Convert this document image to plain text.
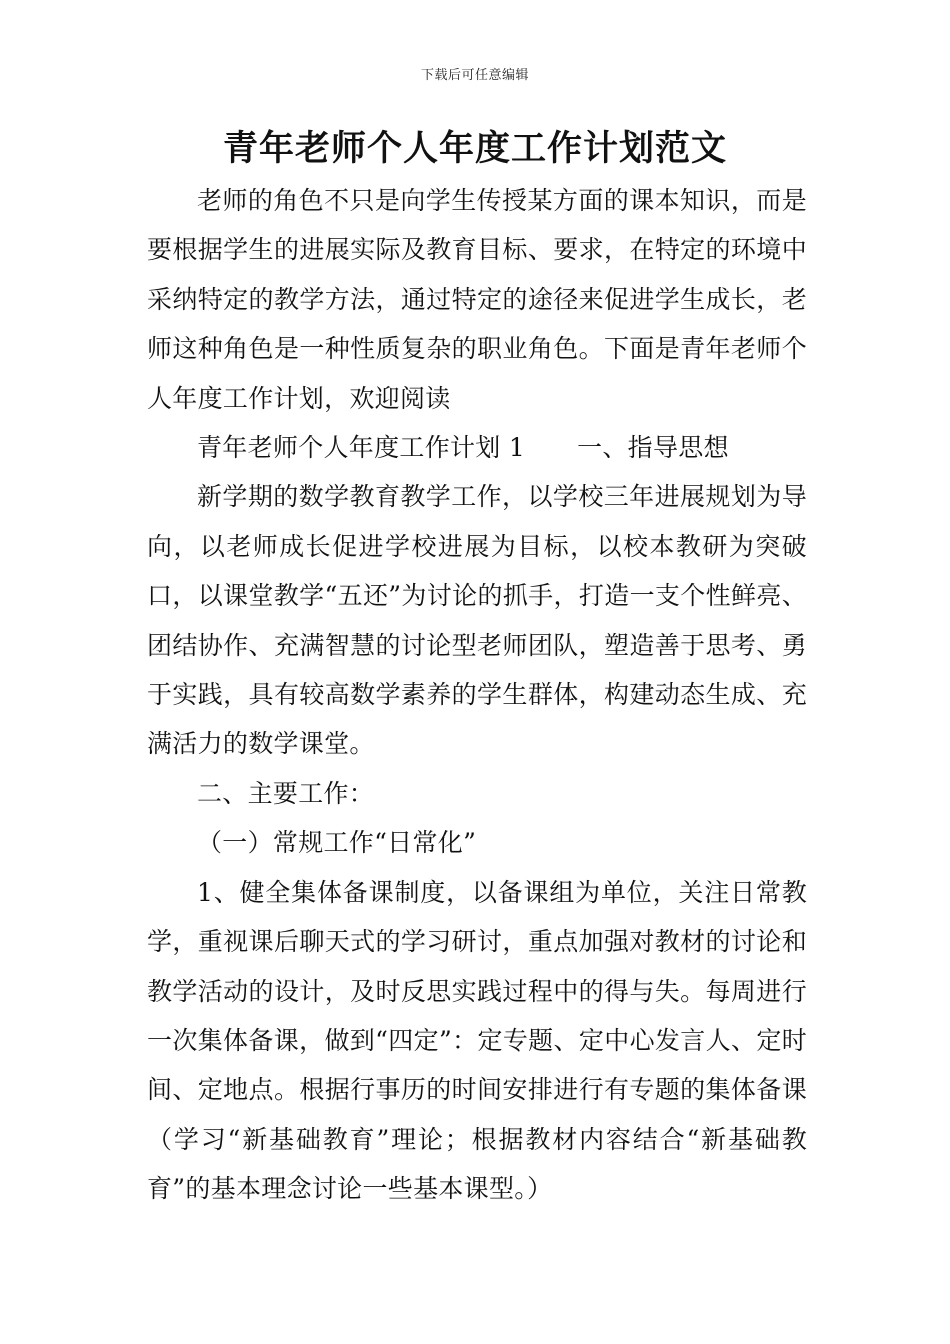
下载后可任意编辑
青年老师个人年度工作计划范文

老师的角色不只是向学生传授某方面的课本知识，而是要根据学生的进展实际及教育目标、要求，在特定的环境中采纳特定的教学方法，通过特定的途径来促进学生成长，老师这种角色是一种性质复杂的职业角色。下面是青年老师个人年度工作计划，欢迎阅读

青年老师个人年度工作计划 1 一、指导思想

新学期的数学教育教学工作，以学校三年进展规划为导向，以老师成长促进学校进展为目标，以校本教研为突破口，以课堂教学“五还”为讨论的抓手，打造一支个性鲜亮、团结协作、充满智慧的讨论型老师团队，塑造善于思考、勇于实践，具有较高数学素养的学生群体，构建动态生成、充满活力的数学课堂。

二、主要工作：

（一）常规工作“日常化”

1、健全集体备课制度，以备课组为单位，关注日常教学，重视课后聊天式的学习研讨，重点加强对教材的讨论和教学活动的设计，及时反思实践过程中的得与失。每周进行一次集体备课，做到“四定”：定专题、定中心发言人、定时间、定地点。根据行事历的时间安排进行有专题的集体备课（学习“新基础教育”理论；根据教材内容结合“新基础教育”的基本理念讨论一些基本课型。）
